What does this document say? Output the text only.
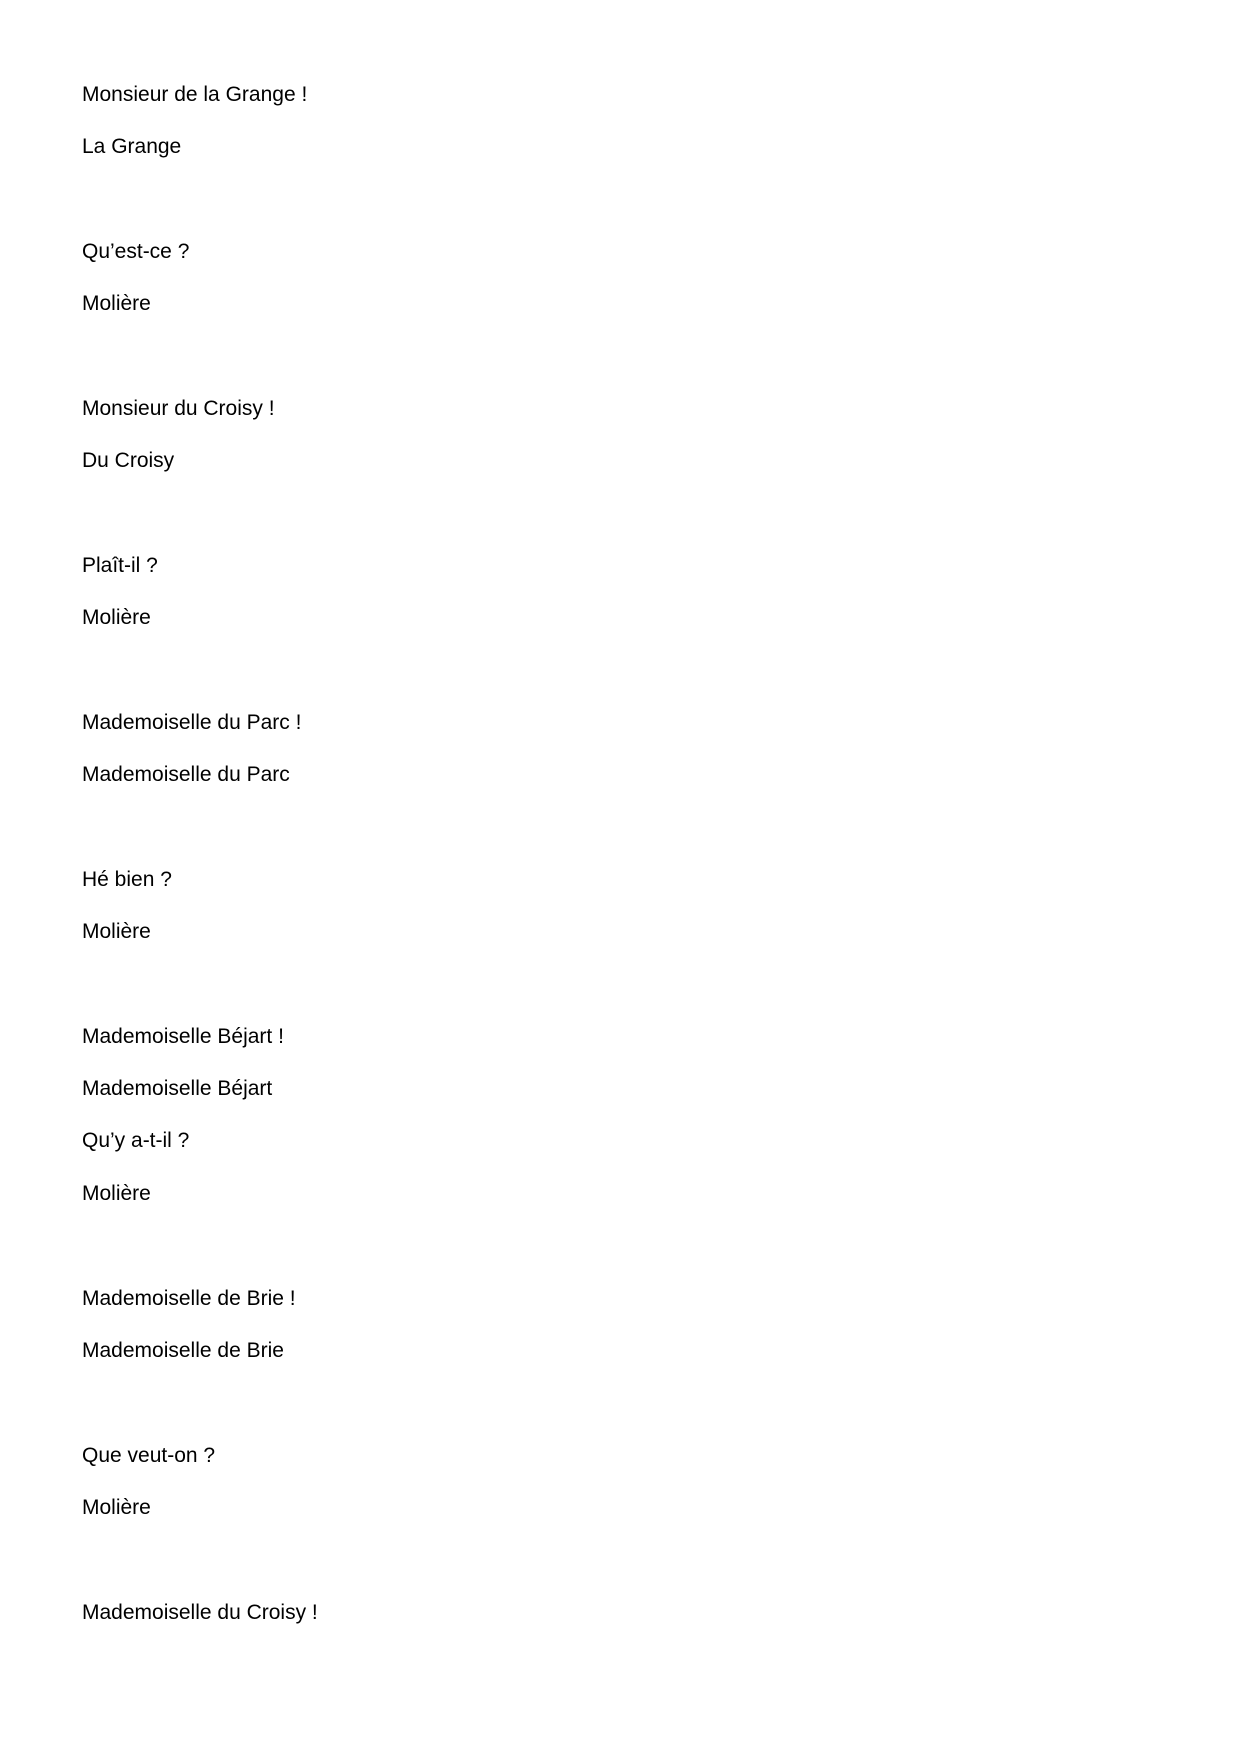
Monsieur de la Grange !

La Grange

Qu’est-ce ?

Molière

Monsieur du Croisy !

Du Croisy

Plaît-il ?

Molière

Mademoiselle du Parc !

Mademoiselle du Parc

Hé bien ?

Molière

Mademoiselle Béjart !

Mademoiselle Béjart

Qu’y a-t-il ?

Molière

Mademoiselle de Brie !

Mademoiselle de Brie

Que veut-on ?

Molière

Mademoiselle du Croisy !
